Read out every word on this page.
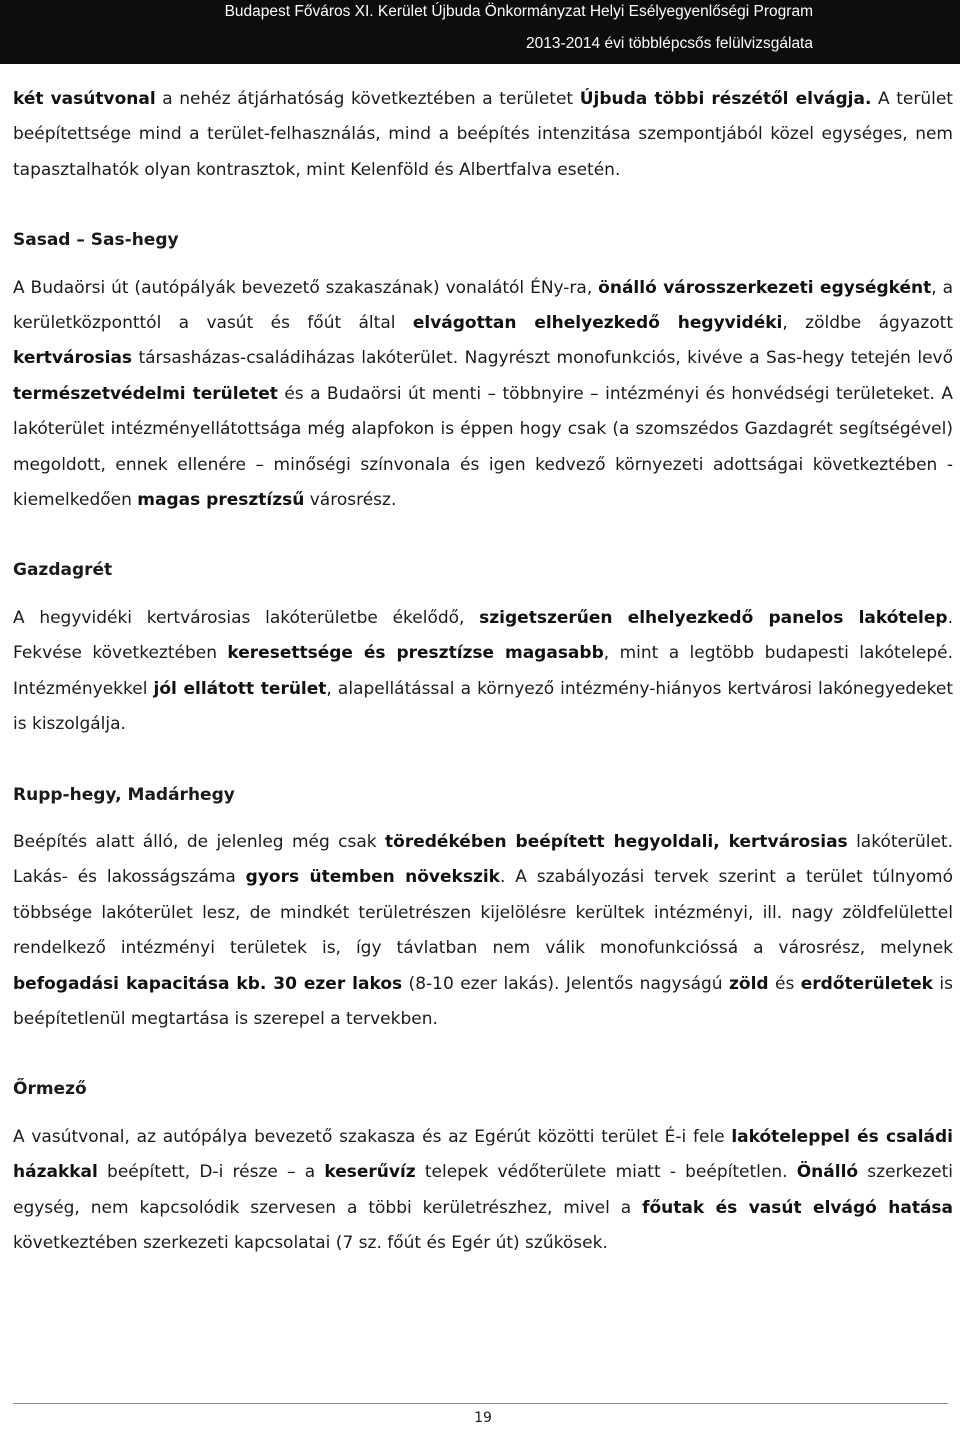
Budapest Főváros XI. Kerület Újbuda Önkormányzat Helyi Esélyegyenlőségi Program
2013-2014 évi többlépcsős felülvizsgálata

két vasútvonal a nehéz átjárhatóság következtében a területet Újbuda többi részétől elvágja. A terület beépítettsége mind a terület-felhasználás, mind a beépítés intenzitása szempontjából közel egységes, nem tapasztalhatók olyan kontrasztok, mint Kelenföld és Albertfalva esetén.

Sasad – Sas-hegy

A Budaörsi út (autópályák bevezető szakaszának) vonalától ÉNy-ra, önálló városszerkezeti egységként, a kerületközponttól a vasút és főút által elvágottan elhelyezkedő hegyvidéki, zöldbe ágyazott kertvárosias társasházas-családiházas lakóterület. Nagyrészt monofunkciós, kivéve a Sas-hegy tetején levő természetvédelmi területet és a Budaörsi út menti – többnyire – intézményi és honvédségi területeket. A lakóterület intézményellátottsága még alapfokon is éppen hogy csak (a szomszédos Gazdagrét segítségével) megoldott, ennek ellenére – minőségi színvonala és igen kedvező környezeti adottságai következtében - kiemelkedően magas presztízsű városrész.

Gazdagrét

A hegyvidéki kertvárosias lakóterületbe ékelődő, szigetszerűen elhelyezkedő panelos lakótelep. Fekvése következtében keresettsége és presztízse magasabb, mint a legtöbb budapesti lakótelepé. Intézményekkel jól ellátott terület, alapellátással a környező intézmény-hiányos kertvárosi lakónegyedeket is kiszolgálja.

Rupp-hegy, Madárhegy

Beépítés alatt álló, de jelenleg még csak töredékében beépített hegyoldali, kertvárosias lakóterület. Lakás- és lakosságszáma gyors ütemben növekszik. A szabályozási tervek szerint a terület túlnyomó többsége lakóterület lesz, de mindkét területrészen kijelölésre kerültek intézményi, ill. nagy zöldfelülettel rendelkező intézményi területek is, így távlatban nem válik monofunkcióssá a városrész, melynek befogadási kapacitása kb. 30 ezer lakos (8-10 ezer lakás). Jelentős nagyságú zöld és erdőterületek is beépítetlenül megtartása is szerepel a tervekben.

Őrmező

A vasútvonal, az autópálya bevezető szakasza és az Egérút közötti terület É-i fele lakóteleppel és családi házakkal beépített, D-i része – a keserűvíz telepek védőterülete miatt - beépítetlen. Önálló szerkezeti egység, nem kapcsolódik szervesen a többi kerületrészhez, mivel a főutak és vasút elvágó hatása következtében szerkezeti kapcsolatai (7 sz. főút és Egér út) szűkösek.

19
